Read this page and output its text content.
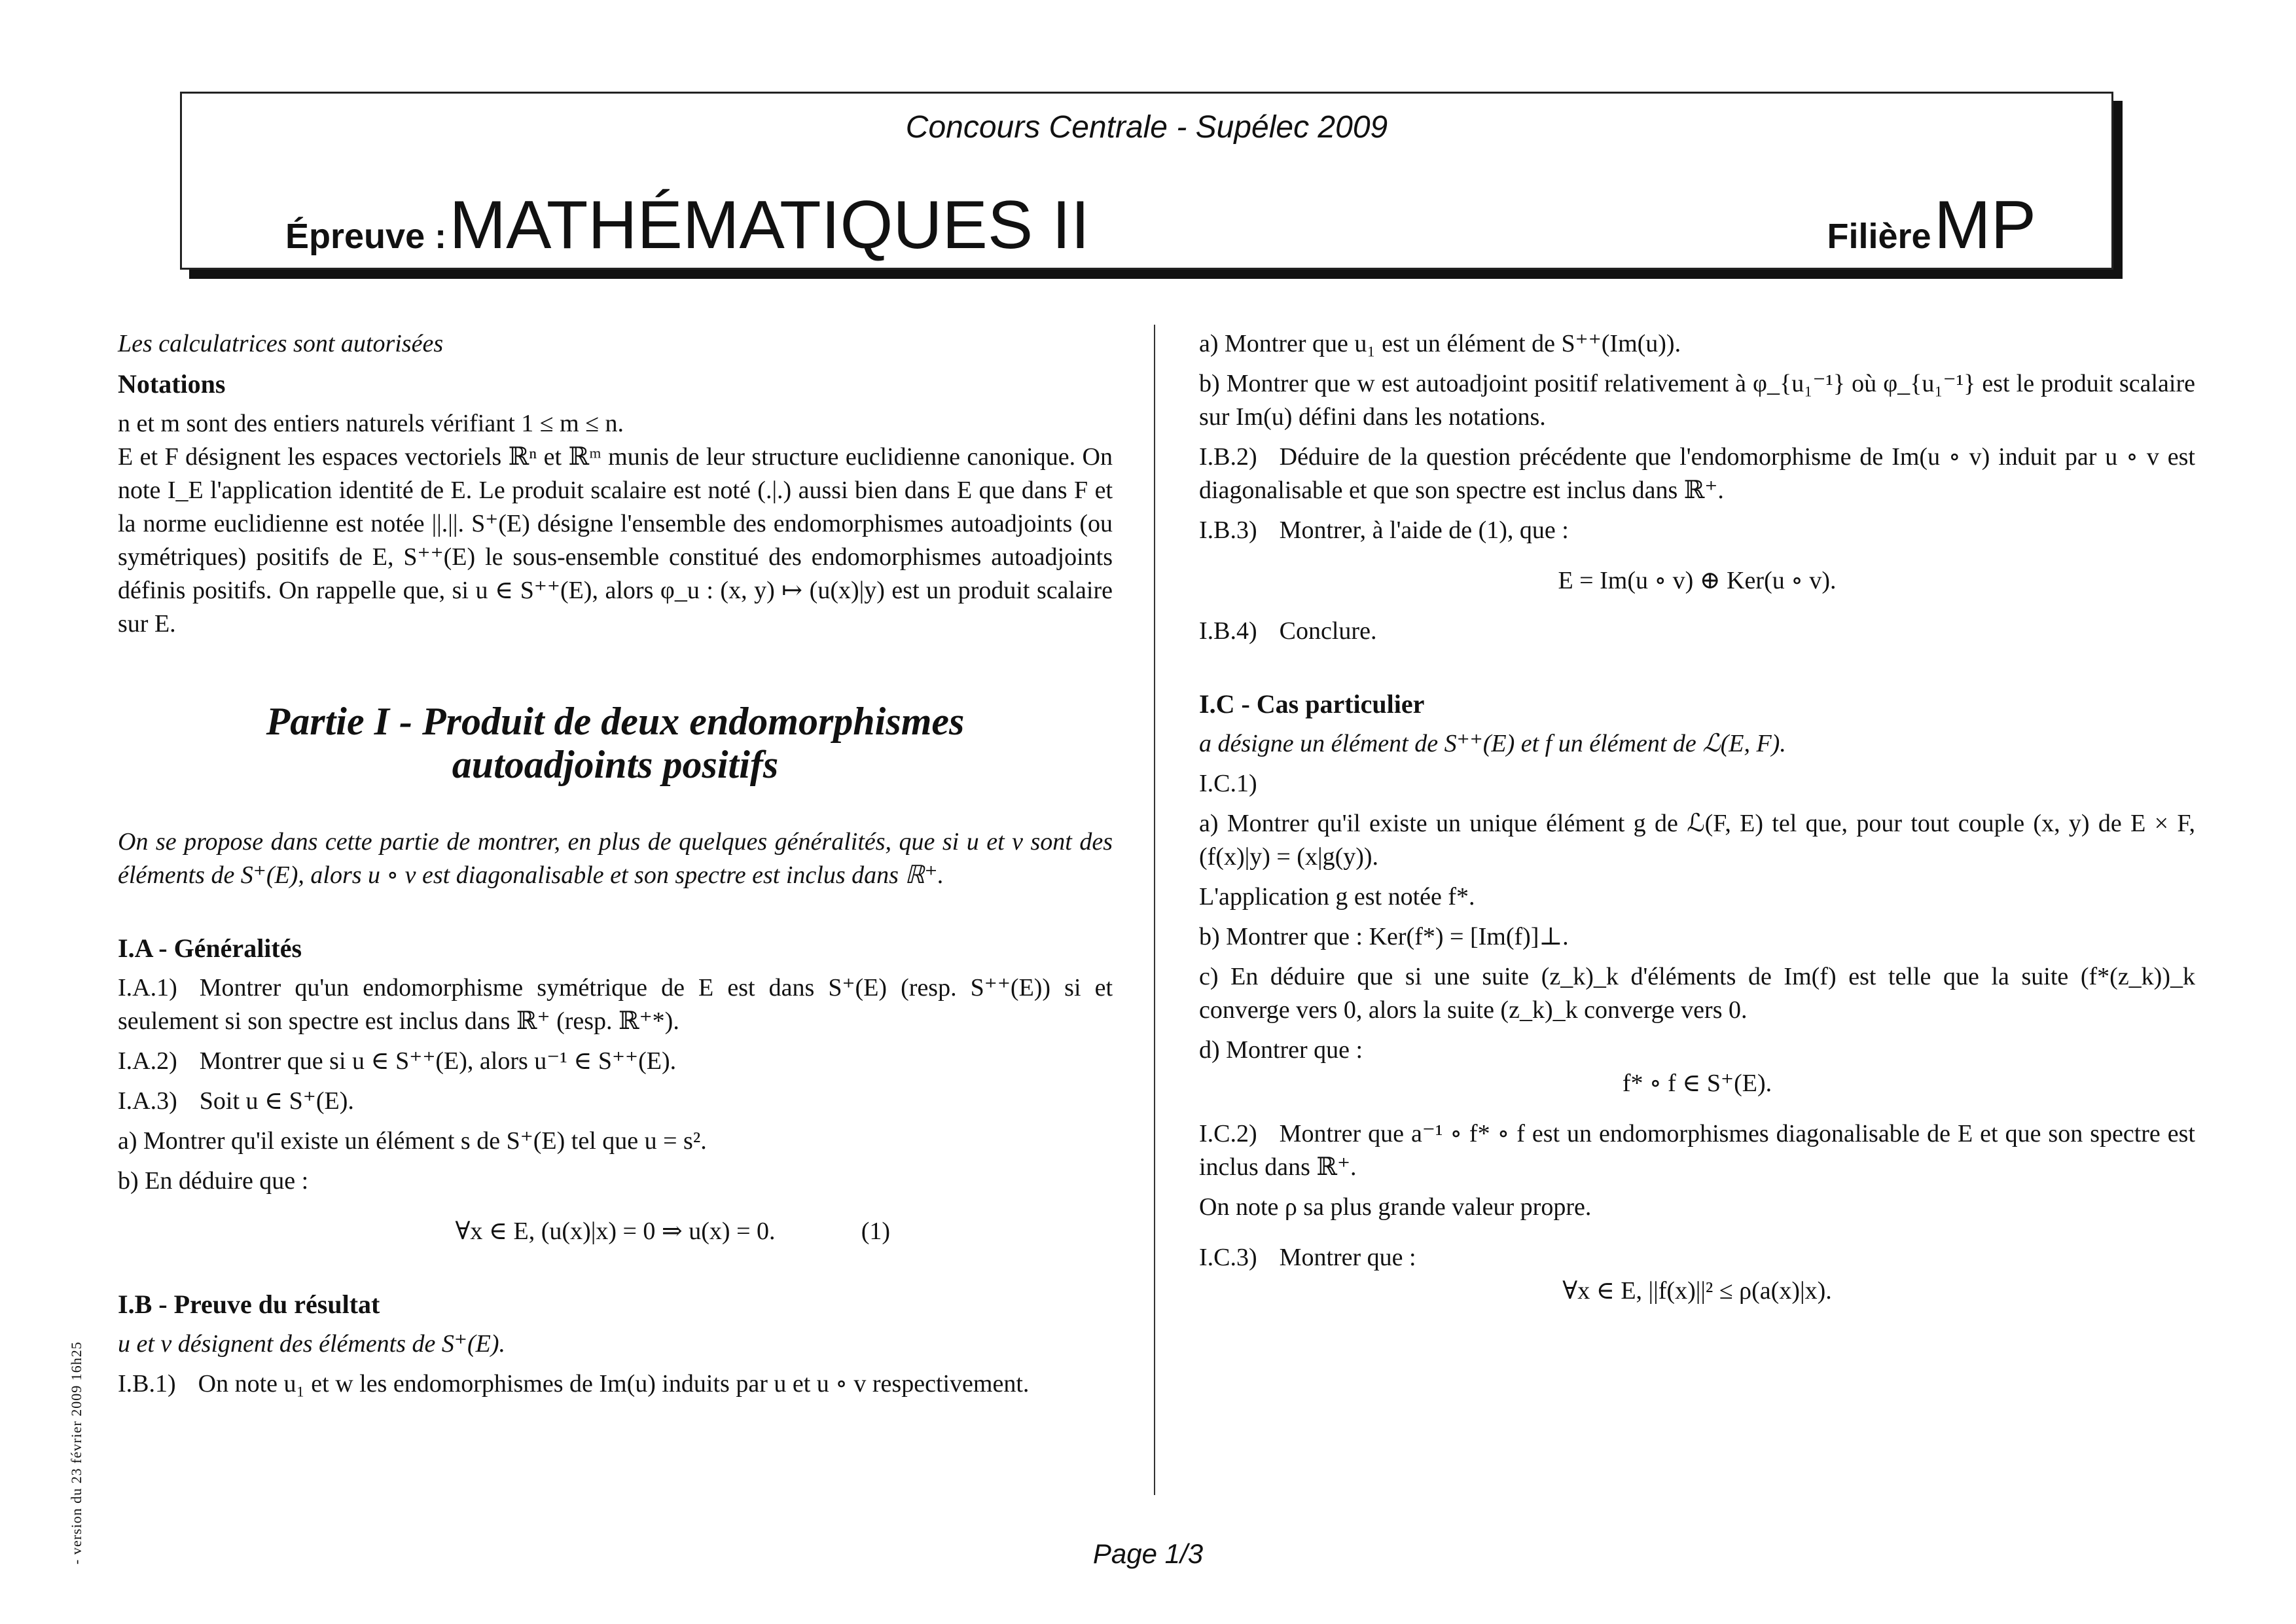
Concours Centrale - Supélec 2009
Épreuve : MATHÉMATIQUES II	Filière MP

Les calculatrices sont autorisées

Notations

n et m sont des entiers naturels vérifiant 1 ≤ m ≤ n.

E et F désignent les espaces vectoriels ℝⁿ et ℝᵐ munis de leur structure euclidienne canonique. On note I_E l'application identité de E. Le produit scalaire est noté (.|.) aussi bien dans E que dans F et la norme euclidienne est notée ||.||. S⁺(E) désigne l'ensemble des endomorphismes autoadjoints (ou symétriques) positifs de E, S⁺⁺(E) le sous-ensemble constitué des endomorphismes autoadjoints définis positifs. On rappelle que, si u ∈ S⁺⁺(E), alors φ_u : (x, y) ↦ (u(x)|y) est un produit scalaire sur E.

Partie I - Produit de deux endomorphismes

autoadjoints positifs

On se propose dans cette partie de montrer, en plus de quelques généralités, que si u et v sont des éléments de S⁺(E), alors u ∘ v est diagonalisable et son spectre est inclus dans ℝ⁺.

I.A - Généralités

I.A.1) Montrer qu'un endomorphisme symétrique de E est dans S⁺(E) (resp. S⁺⁺(E)) si et seulement si son spectre est inclus dans ℝ⁺ (resp. ℝ⁺*).

I.A.2) Montrer que si u ∈ S⁺⁺(E), alors u⁻¹ ∈ S⁺⁺(E).

I.A.3) Soit u ∈ S⁺(E).

a) Montrer qu'il existe un élément s de S⁺(E) tel que u = s².

b) En déduire que :

∀x ∈ E, (u(x)|x) = 0 ⇒ u(x) = 0.	(1)

I.B - Preuve du résultat

u et v désignent des éléments de S⁺(E).

I.B.1) On note u₁ et w les endomorphismes de Im(u) induits par u et u ∘ v respectivement.

a) Montrer que u₁ est un élément de S⁺⁺(Im(u)).

b) Montrer que w est autoadjoint positif relativement à φ_{u₁⁻¹} où φ_{u₁⁻¹} est le produit scalaire sur Im(u) défini dans les notations.

I.B.2) Déduire de la question précédente que l'endomorphisme de Im(u ∘ v) induit par u ∘ v est diagonalisable et que son spectre est inclus dans ℝ⁺.

I.B.3) Montrer, à l'aide de (1), que :

E = Im(u ∘ v) ⊕ Ker(u ∘ v).

I.B.4) Conclure.

I.C - Cas particulier

a désigne un élément de S⁺⁺(E) et f un élément de ℒ(E, F).

I.C.1)

a) Montrer qu'il existe un unique élément g de ℒ(F, E) tel que, pour tout couple (x, y) de E × F, (f(x)|y) = (x|g(y)).

L'application g est notée f*.

b) Montrer que : Ker(f*) = [Im(f)]⊥.

c) En déduire que si une suite (z_k)_k d'éléments de Im(f) est telle que la suite (f*(z_k))_k converge vers 0, alors la suite (z_k)_k converge vers 0.

d) Montrer que :

f* ∘ f ∈ S⁺(E).

I.C.2) Montrer que a⁻¹ ∘ f* ∘ f est un endomorphismes diagonalisable de E et que son spectre est inclus dans ℝ⁺.

On note ρ sa plus grande valeur propre.

I.C.3) Montrer que :

∀x ∈ E, ||f(x)||² ≤ ρ(a(x)|x).

- version du 23 février 2009 16h25	Page 1/3
